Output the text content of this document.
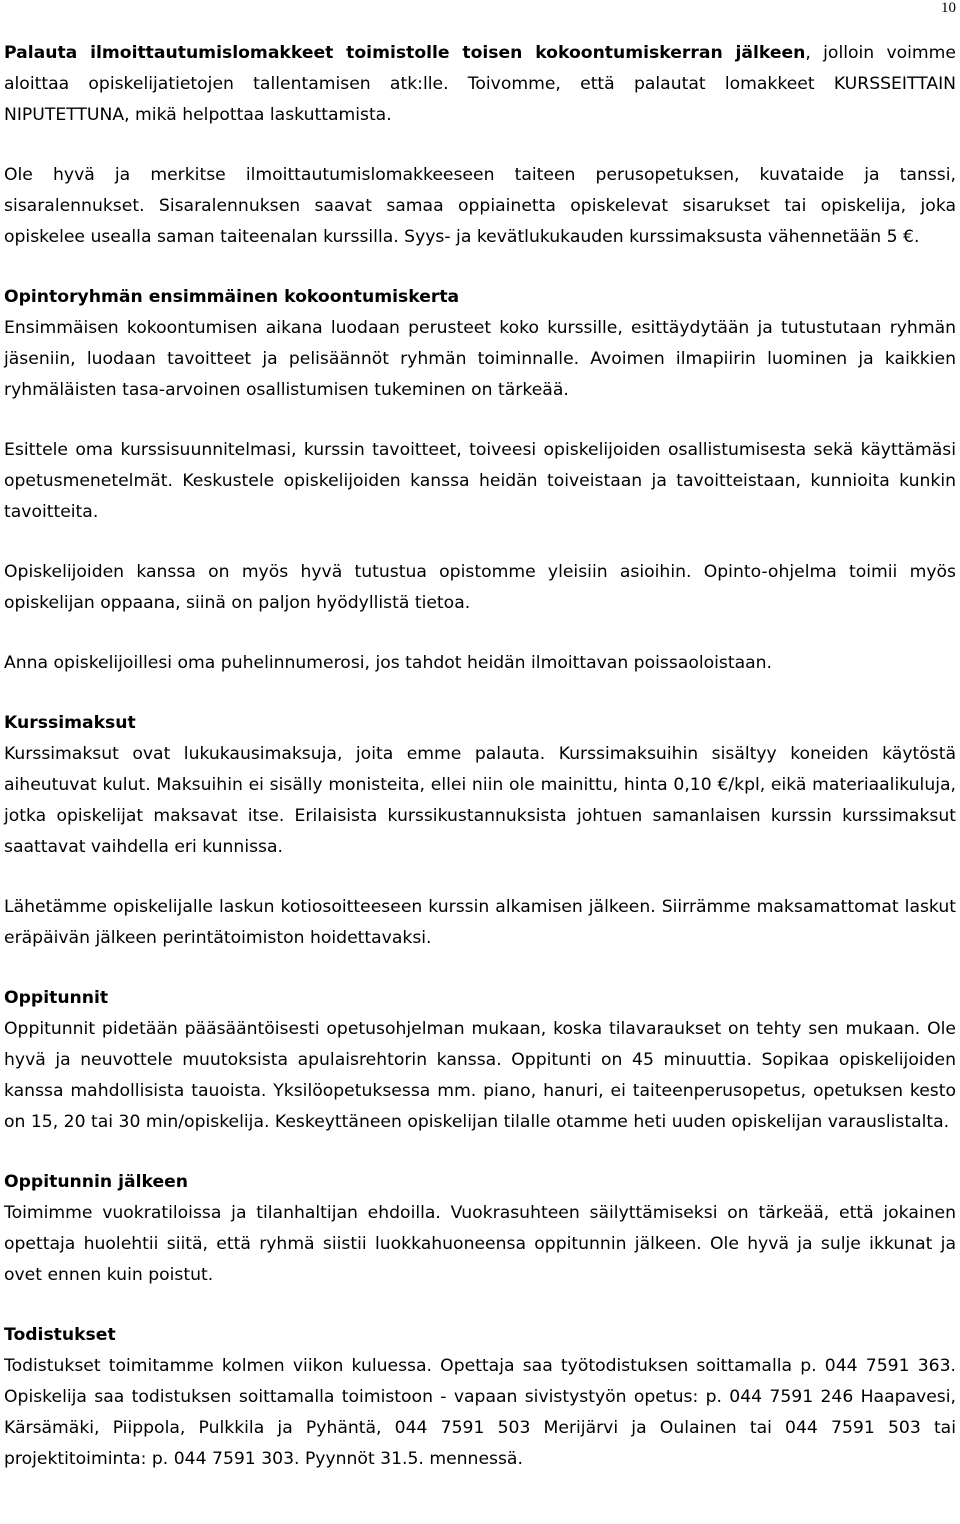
10

Palauta ilmoittautumislomakkeet toimistolle toisen kokoontumiskerran jälkeen, jolloin voimme aloittaa opiskelijatietojen tallentamisen atk:lle. Toivomme, että palautat lomakkeet KURSSEITTAIN NIPUTETTUNA, mikä helpottaa laskuttamista.

Ole hyvä ja merkitse ilmoittautumislomakkeeseen taiteen perusopetuksen, kuvataide ja tanssi, sisaralennukset. Sisaralennuksen saavat samaa oppiainetta opiskelevat sisarukset tai opiskelija, joka opiskelee usealla saman taiteenalan kurssilla. Syys- ja kevätlukukauden kurssimaksusta vähennetään 5 €.

Opintoryhmän ensimmäinen kokoontumiskerta
Ensimmäisen kokoontumisen aikana luodaan perusteet koko kurssille, esittäydytään ja tutustutaan ryhmän jäseniin, luodaan tavoitteet ja pelisäännöt ryhmän toiminnalle. Avoimen ilmapiirin luominen ja kaikkien ryhmäläisten tasa-arvoinen osallistumisen tukeminen on tärkeää.

Esittele oma kurssisuunnitelmasi, kurssin tavoitteet, toiveesi opiskelijoiden osallistumisesta sekä käyttämäsi opetusmenetelmät. Keskustele opiskelijoiden kanssa heidän toiveistaan ja tavoitteistaan, kunnioita kunkin tavoitteita.

Opiskelijoiden kanssa on myös hyvä tutustua opistomme yleisiin asioihin. Opinto-ohjelma toimii myös opiskelijan oppaana, siinä on paljon hyödyllistä tietoa.

Anna opiskelijoillesi oma puhelinnumerosi, jos tahdot heidän ilmoittavan poissaoloistaan.

Kurssimaksut
Kurssimaksut ovat lukukausimaksuja, joita emme palauta. Kurssimaksuihin sisältyy koneiden käytöstä aiheutuvat kulut. Maksuihin ei sisälly monisteita, ellei niin ole mainittu, hinta 0,10 €/kpl, eikä materiaalikuluja, jotka opiskelijat maksavat itse. Erilaisista kurssikustannuksista johtuen samanlaisen kurssin kurssimaksut saattavat vaihdella eri kunnissa.

Lähetämme opiskelijalle laskun kotiosoitteeseen kurssin alkamisen jälkeen. Siirrämme maksamattomat laskut eräpäivän jälkeen perintätoimiston hoidettavaksi.

Oppitunnit
Oppitunnit pidetään pääsääntöisesti opetusohjelman mukaan, koska tilavaraukset on tehty sen mukaan. Ole hyvä ja neuvottele muutoksista apulaisrehtorin kanssa. Oppitunti on 45 minuuttia. Sopikaa opiskelijoiden kanssa mahdollisista tauoista. Yksilöopetuksessa mm. piano, hanuri, ei taiteenperusopetus, opetuksen kesto on 15, 20 tai 30 min/opiskelija. Keskeyttäneen opiskelijan tilalle otamme heti uuden opiskelijan varauslistalta.

Oppitunnin jälkeen
Toimimme vuokratiloissa ja tilanhaltijan ehdoilla. Vuokrasuhteen säilyttämiseksi on tärkeää, että jokainen opettaja huolehtii siitä, että ryhmä siistii luokkahuoneensa oppitunnin jälkeen. Ole hyvä ja sulje ikkunat ja ovet ennen kuin poistut.

Todistukset
Todistukset toimitamme kolmen viikon kuluessa. Opettaja saa työtodistuksen soittamalla p. 044 7591 363. Opiskelija saa todistuksen soittamalla toimistoon - vapaan sivistystyön opetus: p. 044 7591 246 Haapavesi, Kärsämäki, Piippola, Pulkkila ja Pyhäntä, 044 7591 503 Merijärvi ja Oulainen tai 044 7591 503 tai projektitoiminta: p. 044 7591 303. Pyynnöt 31.5. mennessä.
